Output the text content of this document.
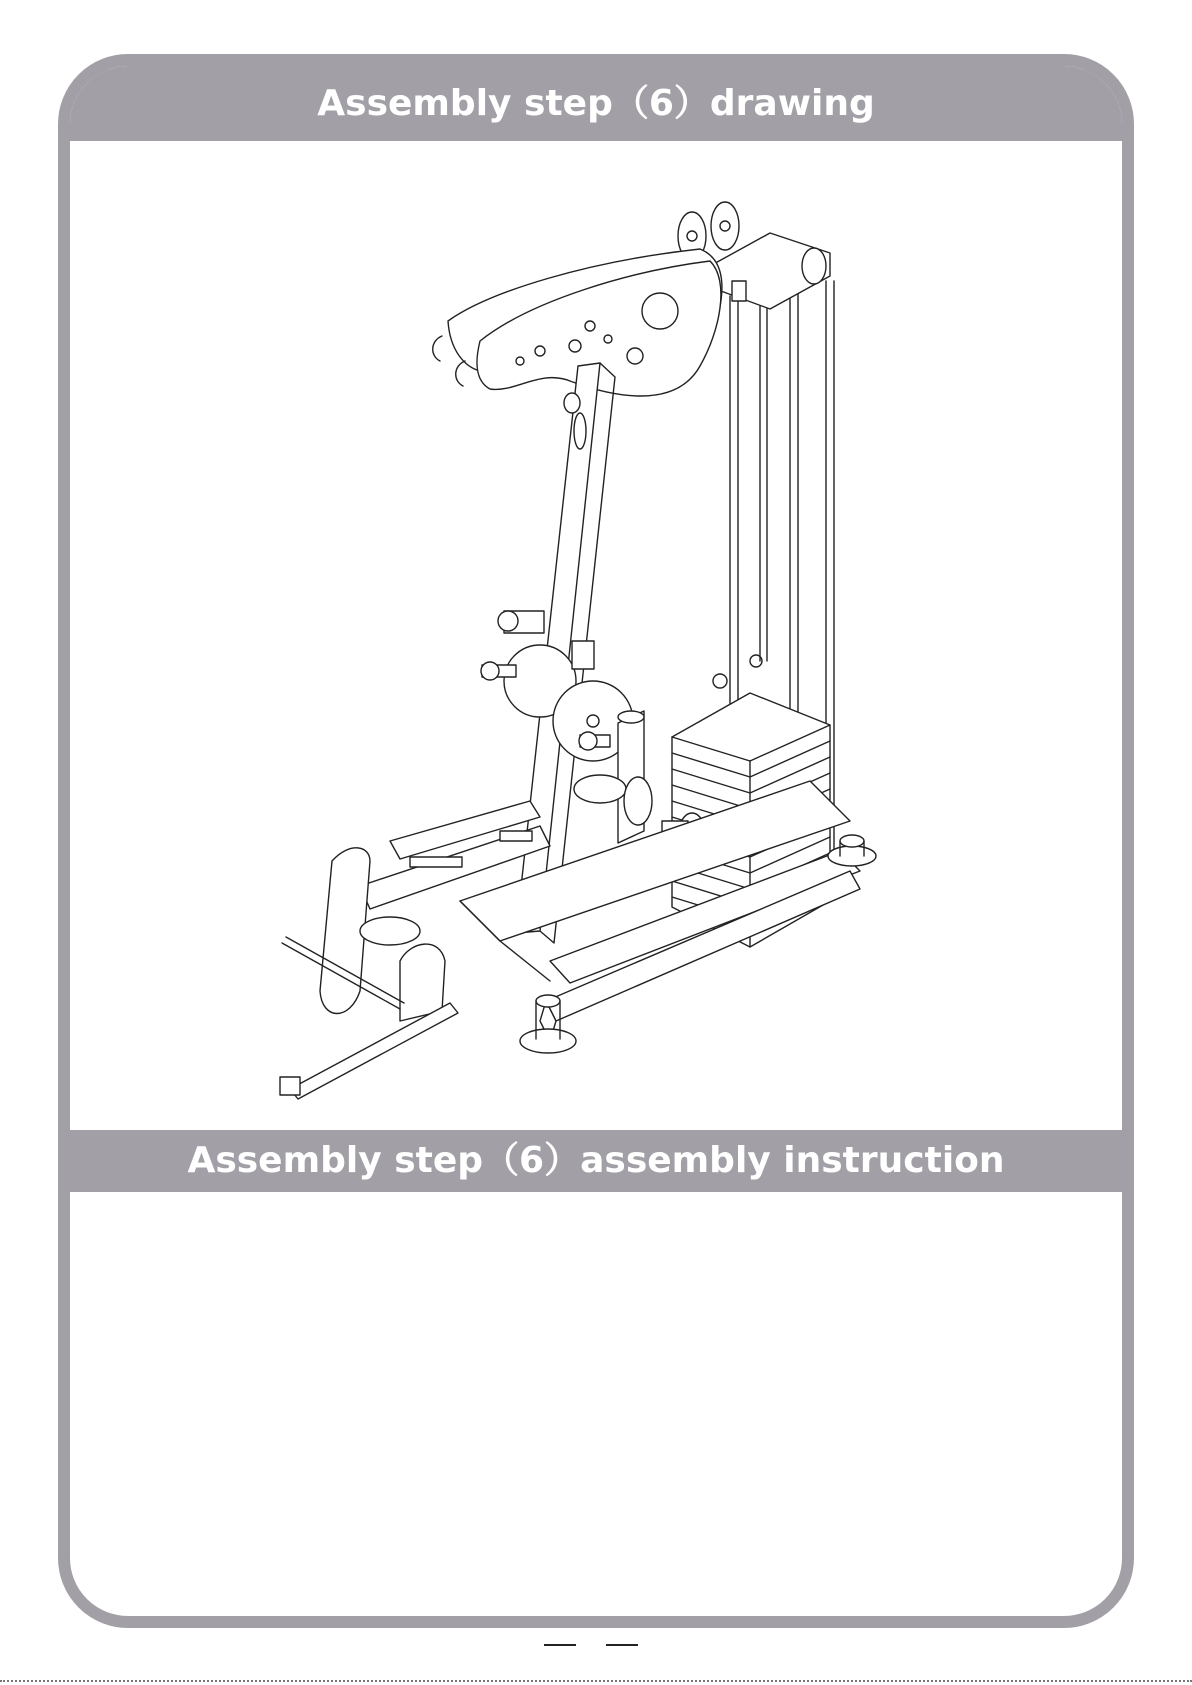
Assembly step（6）drawing
Assembly step（6）assembly instruction
